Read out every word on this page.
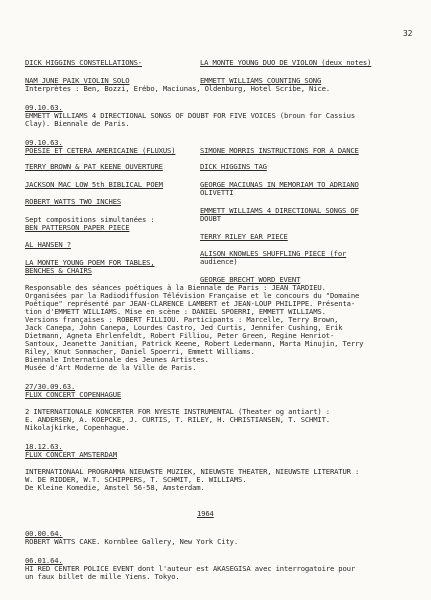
32
DICK HIGGINS CONSTELLATIONS-	LA MONTE YOUNG DUO DE VIOLON (deux notes)
NAM JUNE PAIK VIOLIN SOLO	EMMETT WILLIAMS COUNTING SONG
Interprètes : Ben, Bozzi, Erébo, Maciunas, Oldenburg, Hotel Scribe, Nice.
09.10.63.
EMMETT WILLIAMS 4 DIRECTIONAL SONGS OF DOUBT FOR FIVE VOICES (broun for Cassius
Clay). Biennale de Paris.
09.10.63.
POESIE ET CETERA AMERICAINE (FLUXUS)
TERRY BROWN & PAT KEENE OUVERTURE
JACKSON MAC LOW 5th BIBLICAL POEM
ROBERT WATTS TWO INCHES
Sept compositions simultanées :
BEN PATTERSON PAPER PIECE
AL HANSEN ?
LA MONTE YOUNG POEM FOR TABLES,
BENCHES & CHAIRS
SIMONE MORRIS INSTRUCTIONS FOR A DANCE
DICK HIGGINS TAG
GEORGE MACIUNAS IN MEMORIAM TO ADRIANO
OLIVETTI
EMMETT WILLIAMS 4 DIRECTIONAL SONGS OF
DOUBT
TERRY RILEY EAR PIECE
ALISON KNOWLES SHUFFLING PIECE (for
audience)
GEORGE BRECHT WORD EVENT
Responsable des séances poétiques à la Biennale de Paris : JEAN TARDIEU.
Organisées par la Radiodiffusion Télévision Française et le concours du "Domaine
Poétique" représenté par JEAN-CLARENCE LAMBERT et JEAN-LOUP PHILIPPE. Présenta-
tion d'EMMETT WILLIAMS. Mise en scène : DANIEL SPOERRI, EMMETT WILLIAMS.
Versions françaises : ROBERT FILLIOU. Participants : Marcelle, Terry Brown,
Jack Canepa, John Canepa, Lourdes Castro, Jed Curtis, Jennifer Cushing, Erik
Dietmann, Agneta Ehrlenfeldt, Robert Filliou, Peter Green, Regine Henriot-
Santoux, Jeanette Janitian, Patrick Keene, Robert Ledermann, Marta Minujin, Terry
Riley, Knut Sonmacher, Daniel Spoerri, Emmett Williams.
Biennale Internationale des Jeunes Artistes.
Musée d'Art Moderne de la Ville de Paris.
27/30.09.63.
FLUX CONCERT COPENHAGUE
2 INTERNATIONALE KONCERTER FOR NYESTE INSTRUMENTAL (Theater og antiart) :
E. ANDERSEN, A. KOEPCKE, J. CURTIS, T. RILEY, H. CHRISTIANSEN, T. SCHMIT.
Nikolajkirke, Copenhague.
18.12.63.
FLUX CONCERT AMSTERDAM
INTERNATIONAAL PROGRAMMA NIEUWSTE MUZIEK, NIEUWSTE THEATER, NIEUWSTE LITERATUR :
W. DE RIDDER, W.T. SCHIPPERS, T. SCHMIT, E. WILLIAMS.
De Kleine Komedie, Amstel 56-58, Amsterdam.
1964
00.00.64.
ROBERT WATTS CAKE. Kornblee Gallery, New York City.
06.01.64.
HI RED CENTER POLICE EVENT dont l'auteur est AKASEGISA avec interrogatoire pour
un faux billet de mille Yiens. Tokyo.
